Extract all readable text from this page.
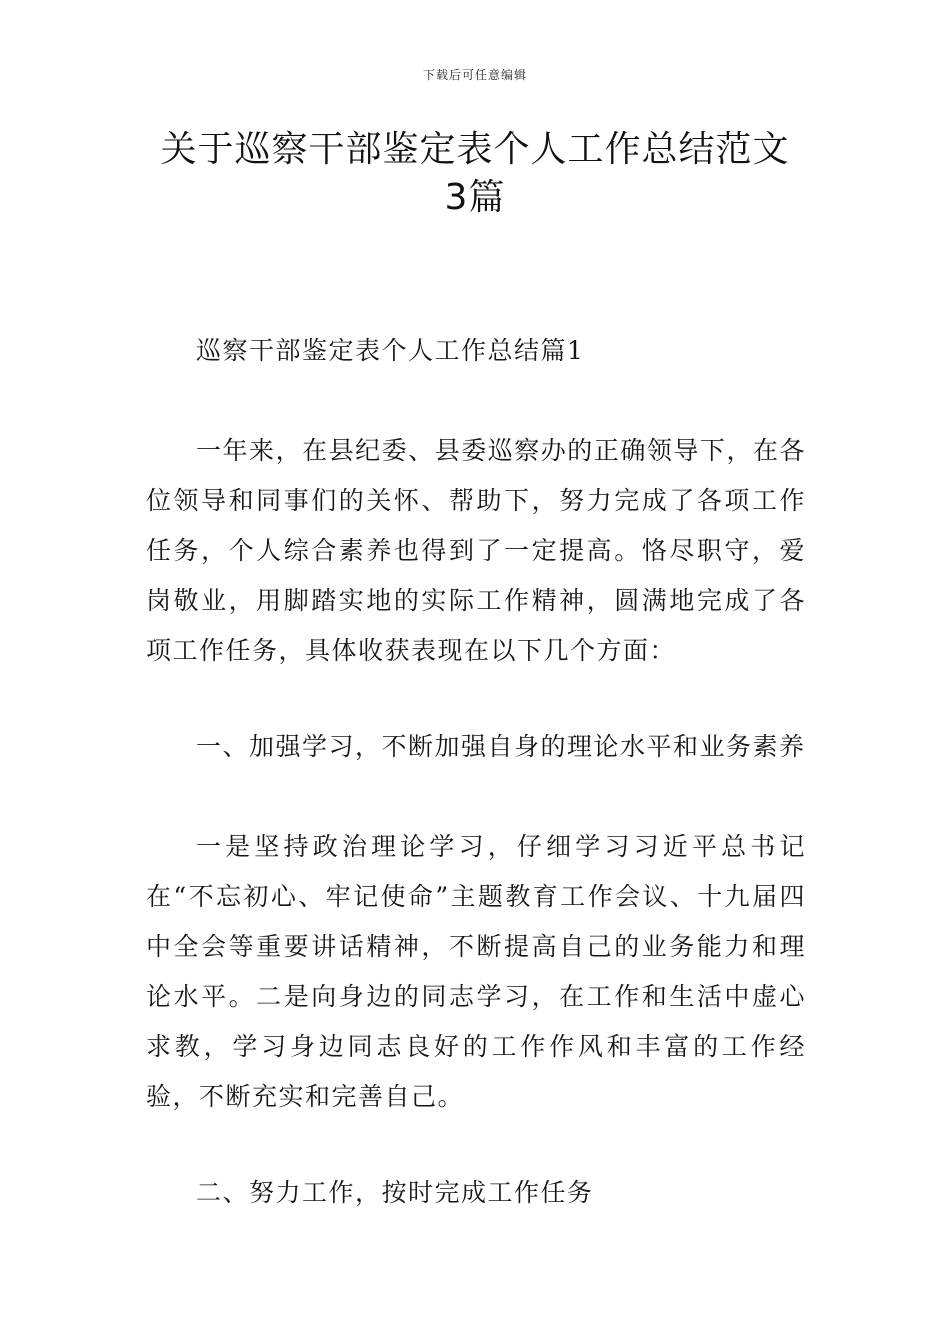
下载后可任意编辑
关于巡察干部鉴定表个人工作总结范文3篇

巡察干部鉴定表个人工作总结篇1

一年来，在县纪委、县委巡察办的正确领导下，在各位领导和同事们的关怀、帮助下，努力完成了各项工作任务，个人综合素养也得到了一定提高。恪尽职守，爱岗敬业，用脚踏实地的实际工作精神，圆满地完成了各项工作任务，具体收获表现在以下几个方面：

一、加强学习，不断加强自身的理论水平和业务素养

一是坚持政治理论学习，仔细学习习近平总书记在“不忘初心、牢记使命”主题教育工作会议、十九届四中全会等重要讲话精神，不断提高自己的业务能力和理论水平。二是向身边的同志学习，在工作和生活中虚心求教，学习身边同志良好的工作作风和丰富的工作经验，不断充实和完善自己。

二、努力工作，按时完成工作任务
